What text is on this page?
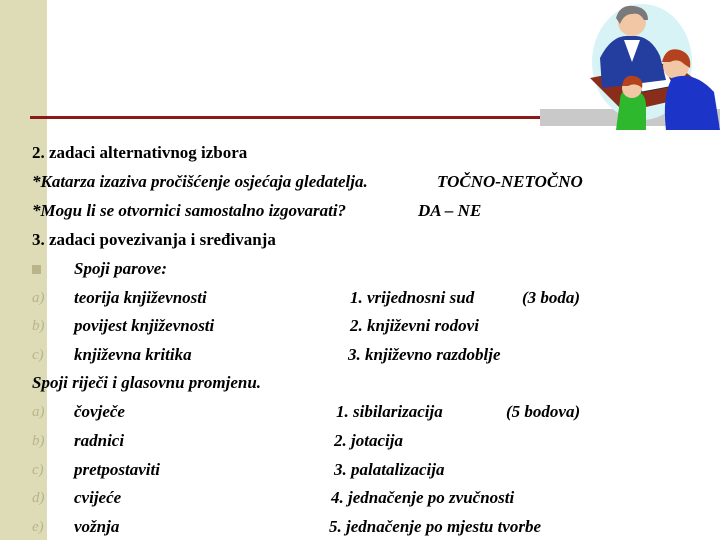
2. zadaci alternativnog izbora
*Katarza izaziva pročišćenje osjećaja gledatelja.	TOČNO-NETOČNO
*Mogu li se otvornici samostalno izgovarati?	DA – NE
3. zadaci povezivanja i sređivanja
Spoji parove:
a) teorija književnosti	1. vrijednosni sud	(3 boda)
b) povijest književnosti	2. književni rodovi
c) književna kritika	3. književno razdoblje
Spoji riječi i glasovnu promjenu.
a) čovječe	1. sibilarizacija	(5 bodova)
b) radnici	2. jotacija
c) pretpostaviti	3. palatalizacija
d) cvijeće	4. jednačenje po zvučnosti
e) vožnja	5. jednačenje po mjestu tvorbe
